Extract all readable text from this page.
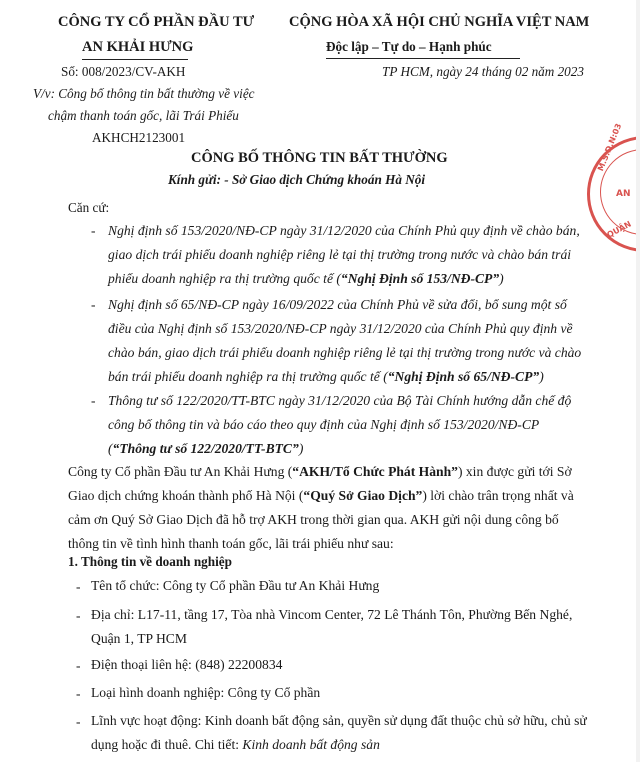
CÔNG TY CỔ PHẦN ĐẦU TƯ
AN KHẢI HƯNG
Số: 008/2023/CV-AKH
V/v: Công bố thông tin bất thường về việc
chậm thanh toán gốc, lãi Trái Phiếu
AKHCH2123001
CỘNG HÒA XÃ HỘI CHỦ NGHĨA VIỆT NAM
Độc lập – Tự do – Hạnh phúc
TP HCM, ngày 24 tháng 02 năm 2023
CÔNG BỐ THÔNG TIN BẤT THƯỜNG
Kính gửi: - Sở Giao dịch Chứng khoán Hà Nội
Căn cứ:
- Nghị định số 153/2020/NĐ-CP ngày 31/12/2020 của Chính Phủ quy định về chào bán,
giao dịch trái phiếu doanh nghiệp riêng lẻ tại thị trường trong nước và chào bán trái
phiếu doanh nghiệp ra thị trường quốc tế (“Nghị Định số 153/NĐ-CP”)
- Nghị định số 65/NĐ-CP ngày 16/09/2022 của Chính Phủ về sửa đổi, bổ sung một số
điều của Nghị định số 153/2020/NĐ-CP ngày 31/12/2020 của Chính Phủ quy định về
chào bán, giao dịch trái phiếu doanh nghiệp riêng lẻ tại thị trường trong nước và chào
bán trái phiếu doanh nghiệp ra thị trường quốc tế (“Nghị Định số 65/NĐ-CP”)
- Thông tư số 122/2020/TT-BTC ngày 31/12/2020 của Bộ Tài Chính hướng dẫn chế độ
công bố thông tin và báo cáo theo quy định của Nghị định số 153/2020/NĐ-CP
(“Thông tư số 122/2020/TT-BTC”)
Công ty Cổ phần Đầu tư An Khải Hưng (“AKH/Tổ Chức Phát Hành”) xin được gửi tới Sở
Giao dịch chứng khoán thành phố Hà Nội (“Quý Sở Giao Dịch”) lời chào trân trọng nhất và
cảm ơn Quý Sở Giao Dịch đã hỗ trợ AKH trong thời gian qua. AKH gửi nội dung công bố
thông tin về tình hình thanh toán gốc, lãi trái phiếu như sau:
1. Thông tin về doanh nghiệp
- Tên tổ chức: Công ty Cổ phần Đầu tư An Khải Hưng
- Địa chỉ: L17-11, tầng 17, Tòa nhà Vincom Center, 72 Lê Thánh Tôn, Phường Bến Nghé,
Quận 1, TP HCM
- Điện thoại liên hệ: (848) 22200834
- Loại hình doanh nghiệp: Công ty Cổ phần
- Lĩnh vực hoạt động: Kinh doanh bất động sản, quyền sử dụng đất thuộc chủ sở hữu, chủ sử
dụng hoặc đi thuê. Chi tiết: Kinh doanh bất động sản
M.S.D.N:03
AN
QUẬN
